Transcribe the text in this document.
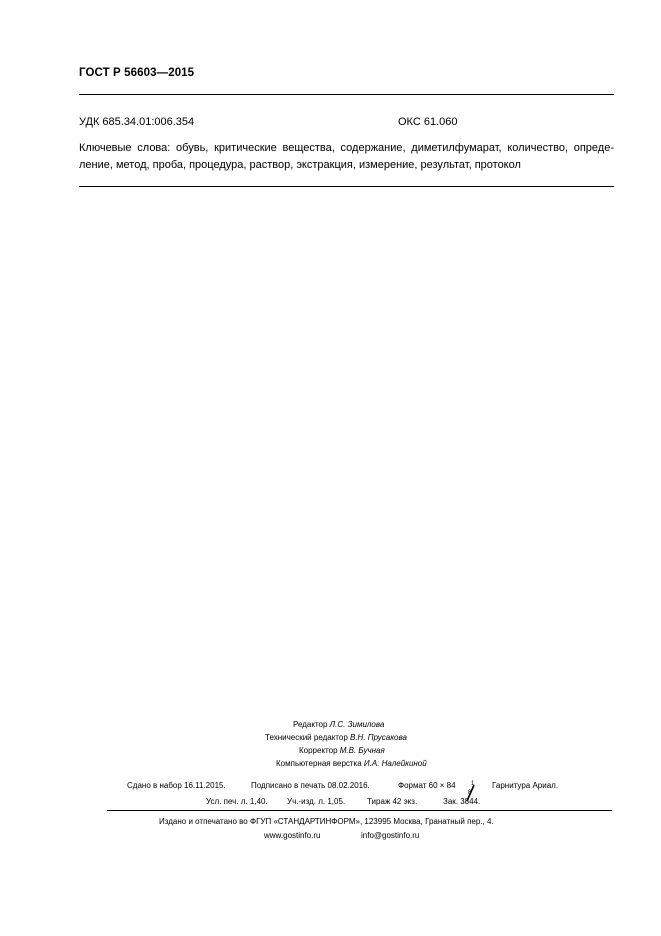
ГОСТ Р 56603—2015
УДК 685.34.01:006.354	ОКС 61.060
Ключевые слова: обувь, критические вещества, содержание, диметилфумарат, количество, опреде-
ление, метод, проба, процедура, раствор, экстракция, измерение, результат, протокол
Редактор Л.С. Зимилова
Технический редактор В.Н. Прусакова
Корректор М.В. Бучная
Компьютерная верстка И.А. Налейкиной
Сдано в набор 16.11.2015.	Подписано в печать 08.02.2016.	Формат 60 × 84	1
8
Гарнитура Ариал.
Усл. печ. л. 1,40. Уч.-изд. л. 1,05.	Тираж 42 экз.	Зак. 3844.
Издано и отпечатано во ФГУП «СТАНДАРТИНФОРМ», 123995 Москва, Гранатный пер., 4.
www.gostinfo.ru	info@gostinfo.ru
